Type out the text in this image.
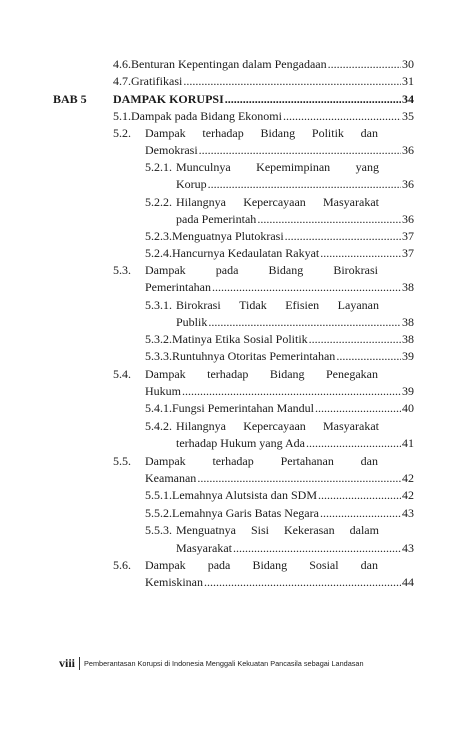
4.6. Benturan Kepentingan dalam Pengadaan .....	30
4.7. Gratifikasi .....	31
BAB 5 DAMPAK KORUPSI .....	34
5.1. Dampak pada Bidang Ekonomi .....	35
5.2. Dampak terhadap Bidang Politik dan
Demokrasi .....	36
5.2.1. Munculnya Kepemimpinan yang
Korup .....	36
5.2.2. Hilangnya Kepercayaan Masyarakat
pada Pemerintah .....	36
5.2.3. Menguatnya Plutokrasi .....	37
5.2.4. Hancurnya Kedaulatan Rakyat .....	37
5.3. Dampak	pada	Bidang	Birokrasi
Pemerintahan .....	38
5.3.1. Birokrasi Tidak Efisien Layanan
Publik .....	38
5.3.2. Matinya Etika Sosial Politik .....	38
5.3.3. Runtuhnya Otoritas Pemerintahan .....	39
5.4. Dampak terhadap Bidang Penegakan
Hukum .....	39
5.4.1. Fungsi Pemerintahan Mandul .....	40
5.4.2. Hilangnya Kepercayaan Masyarakat
terhadap Hukum yang Ada .....	41
5.5. Dampak terhadap Pertahanan dan
Keamanan .....	42
5.5.1. Lemahnya Alutsista dan SDM .....	42
5.5.2. Lemahnya Garis Batas Negara .....	43
5.5.3. Menguatnya Sisi Kekerasan dalam
Masyarakat .....	43
5.6. Dampak pada Bidang Sosial dan
Kemiskinan .....	44
viii Pemberantasan Korupsi di Indonesia Menggali Kekuatan Pancasila sebagai Landasan
